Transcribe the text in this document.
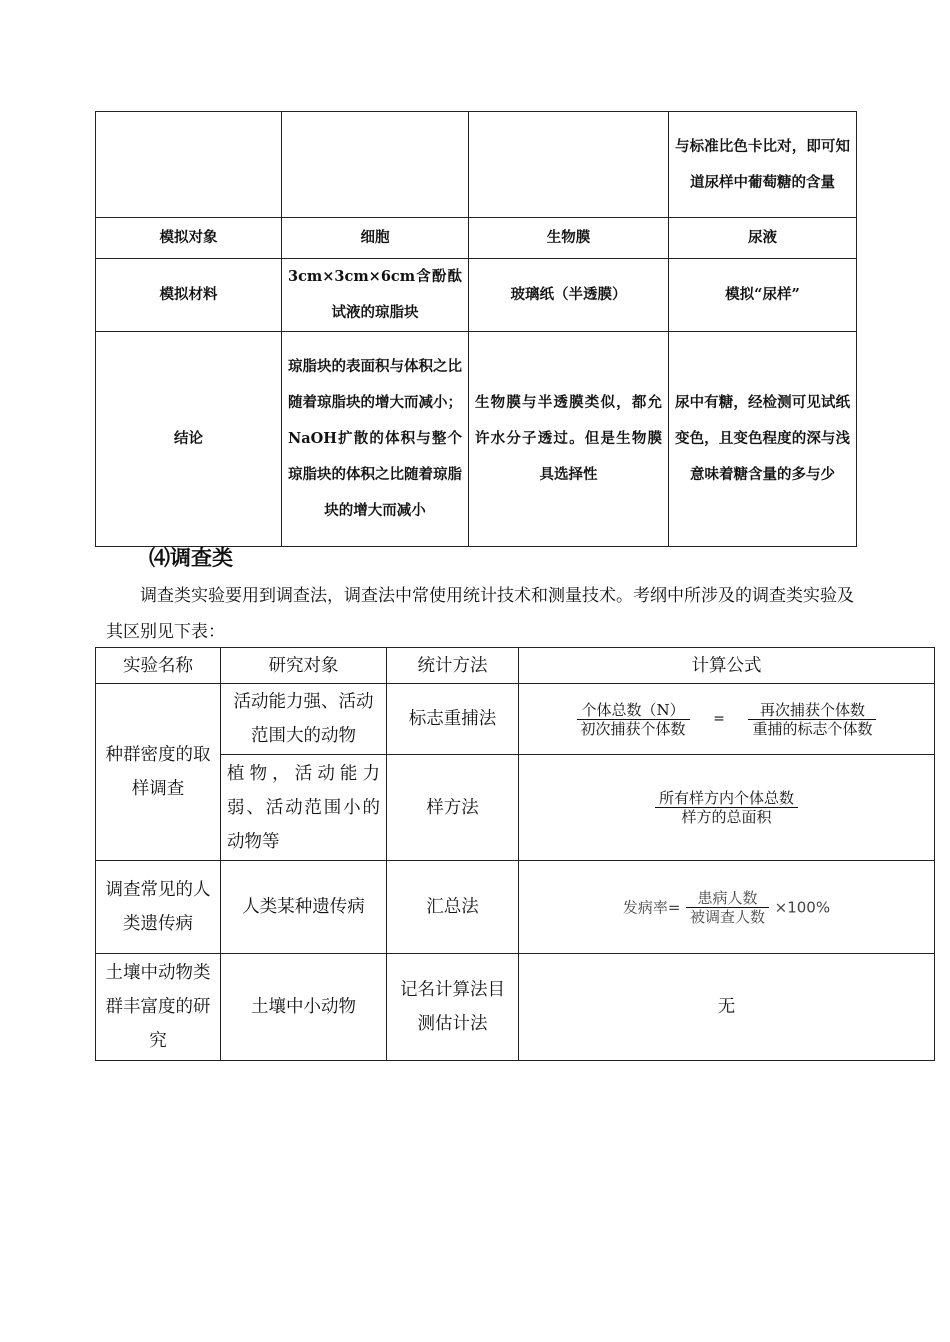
			与标准比色卡比对，即可知道尿样中葡萄糖的含量
模拟对象	细胞	生物膜	尿液
模拟材料	3cm×3cm×6cm含酚酞试液的琼脂块	玻璃纸（半透膜）	模拟“尿样”
结论	琼脂块的表面积与体积之比随着琼脂块的增大而减小；NaOH扩散的体积与整个琼脂块的体积之比随着琼脂块的增大而减小	生物膜与半透膜类似，都允许水分子透过。但是生物膜具选择性	尿中有糖，经检测可见试纸变色，且变色程度的深与浅意味着糖含量的多与少
⑷调查类
调查类实验要用到调查法，调查法中常使用统计技术和测量技术。考纲中所涉及的调查类实验及其区别见下表：
实验名称	研究对象	统计方法	计算公式
种群密度的取样调查	活动能力强、活动范围大的动物	标志重捕法	$\frac{\text{个体总数（N）}}{\text{初次捕获个体数}} = \frac{\text{再次捕获个体数}}{\text{重捕的标志个体数}}$

	植物，活动能力弱、活动范围小的动物等	样方法	$\frac{\text{所有样方内个体总数}}{\text{样方的总面积}}$

调查常见的人类遗传病	人类某种遗传病	汇总法	发病率= $\frac{\text{患病人数}}{\text{被调查人数}} \times 100\%$
土壤中动物类群丰富度的研究	土壤中小动物	记名计算法目测估计法	无
